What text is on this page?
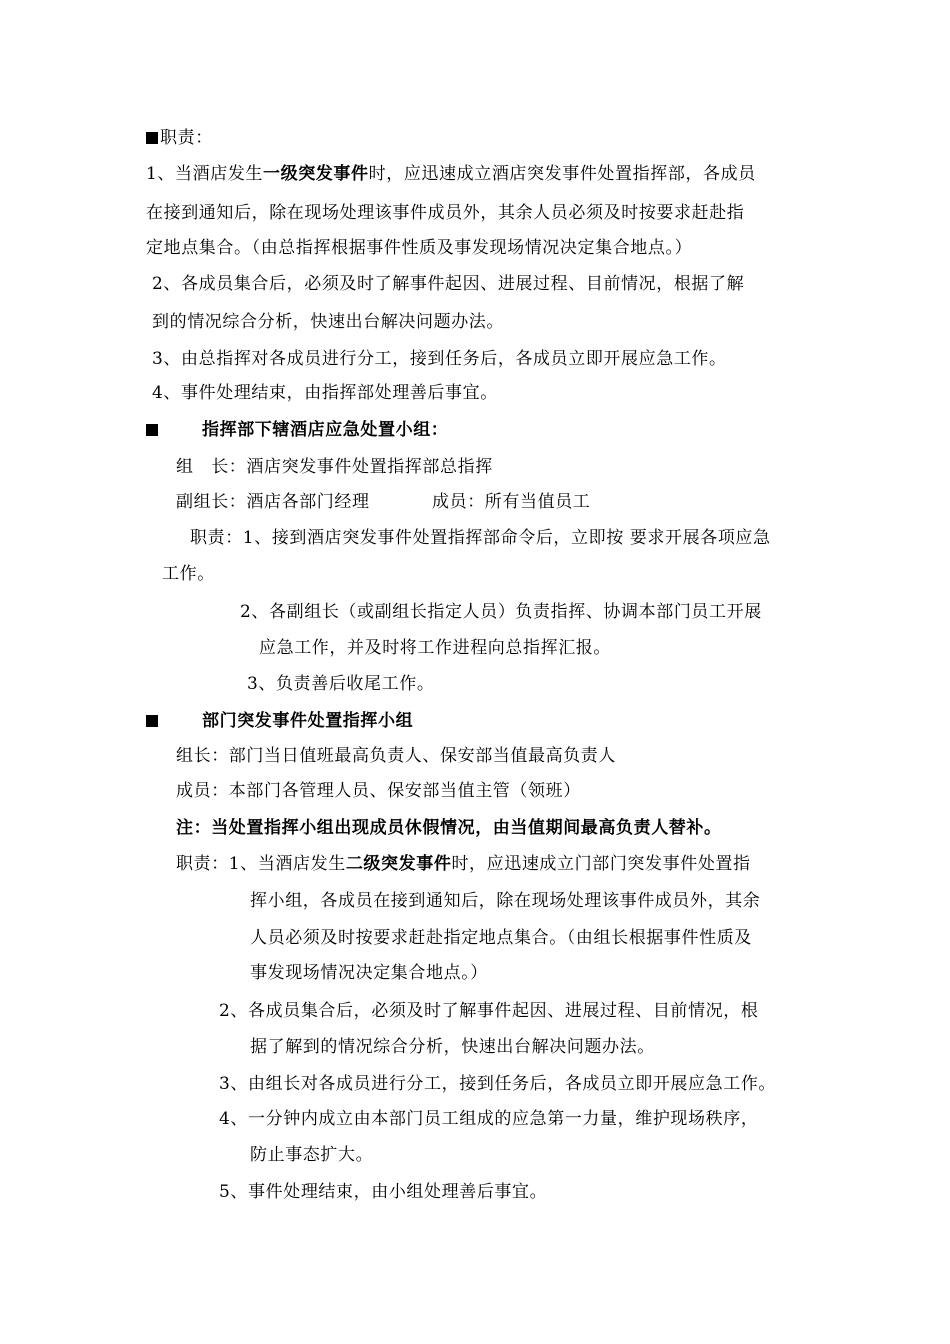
职责：
1、当酒店发生一级突发事件时，应迅速成立酒店突发事件处置指挥部，各成员
在接到通知后，除在现场处理该事件成员外，其余人员必须及时按要求赶赴指
定地点集合。（由总指挥根据事件性质及事发现场情况决定集合地点。）
2、各成员集合后，必须及时了解事件起因、进展过程、目前情况，根据了解
到的情况综合分析，快速出台解决问题办法。
3、由总指挥对各成员进行分工，接到任务后，各成员立即开展应急工作。
4、事件处理结束，由指挥部处理善后事宜。
指挥部下辖酒店应急处置小组：
组　长：酒店突发事件处置指挥部总指挥
副组长：酒店各部门经理	成员：所有当值员工
职责：1、接到酒店突发事件处置指挥部命令后，立即按 要求开展各项应急
工作。
2、各副组长（或副组长指定人员）负责指挥、协调本部门员工开展
应急工作，并及时将工作进程向总指挥汇报。
3、负责善后收尾工作。
部门突发事件处置指挥小组
组长：部门当日值班最高负责人、保安部当值最高负责人
成员：本部门各管理人员、保安部当值主管（领班）
注：当处置指挥小组出现成员休假情况，由当值期间最高负责人替补。
职责：1、当酒店发生二级突发事件时，应迅速成立门部门突发事件处置指
挥小组，各成员在接到通知后，除在现场处理该事件成员外，其余
人员必须及时按要求赶赴指定地点集合。（由组长根据事件性质及
事发现场情况决定集合地点。）
2、各成员集合后，必须及时了解事件起因、进展过程、目前情况，根
据了解到的情况综合分析，快速出台解决问题办法。
3、由组长对各成员进行分工，接到任务后，各成员立即开展应急工作。
4、一分钟内成立由本部门员工组成的应急第一力量，维护现场秩序，
防止事态扩大。
5、事件处理结束，由小组处理善后事宜。
